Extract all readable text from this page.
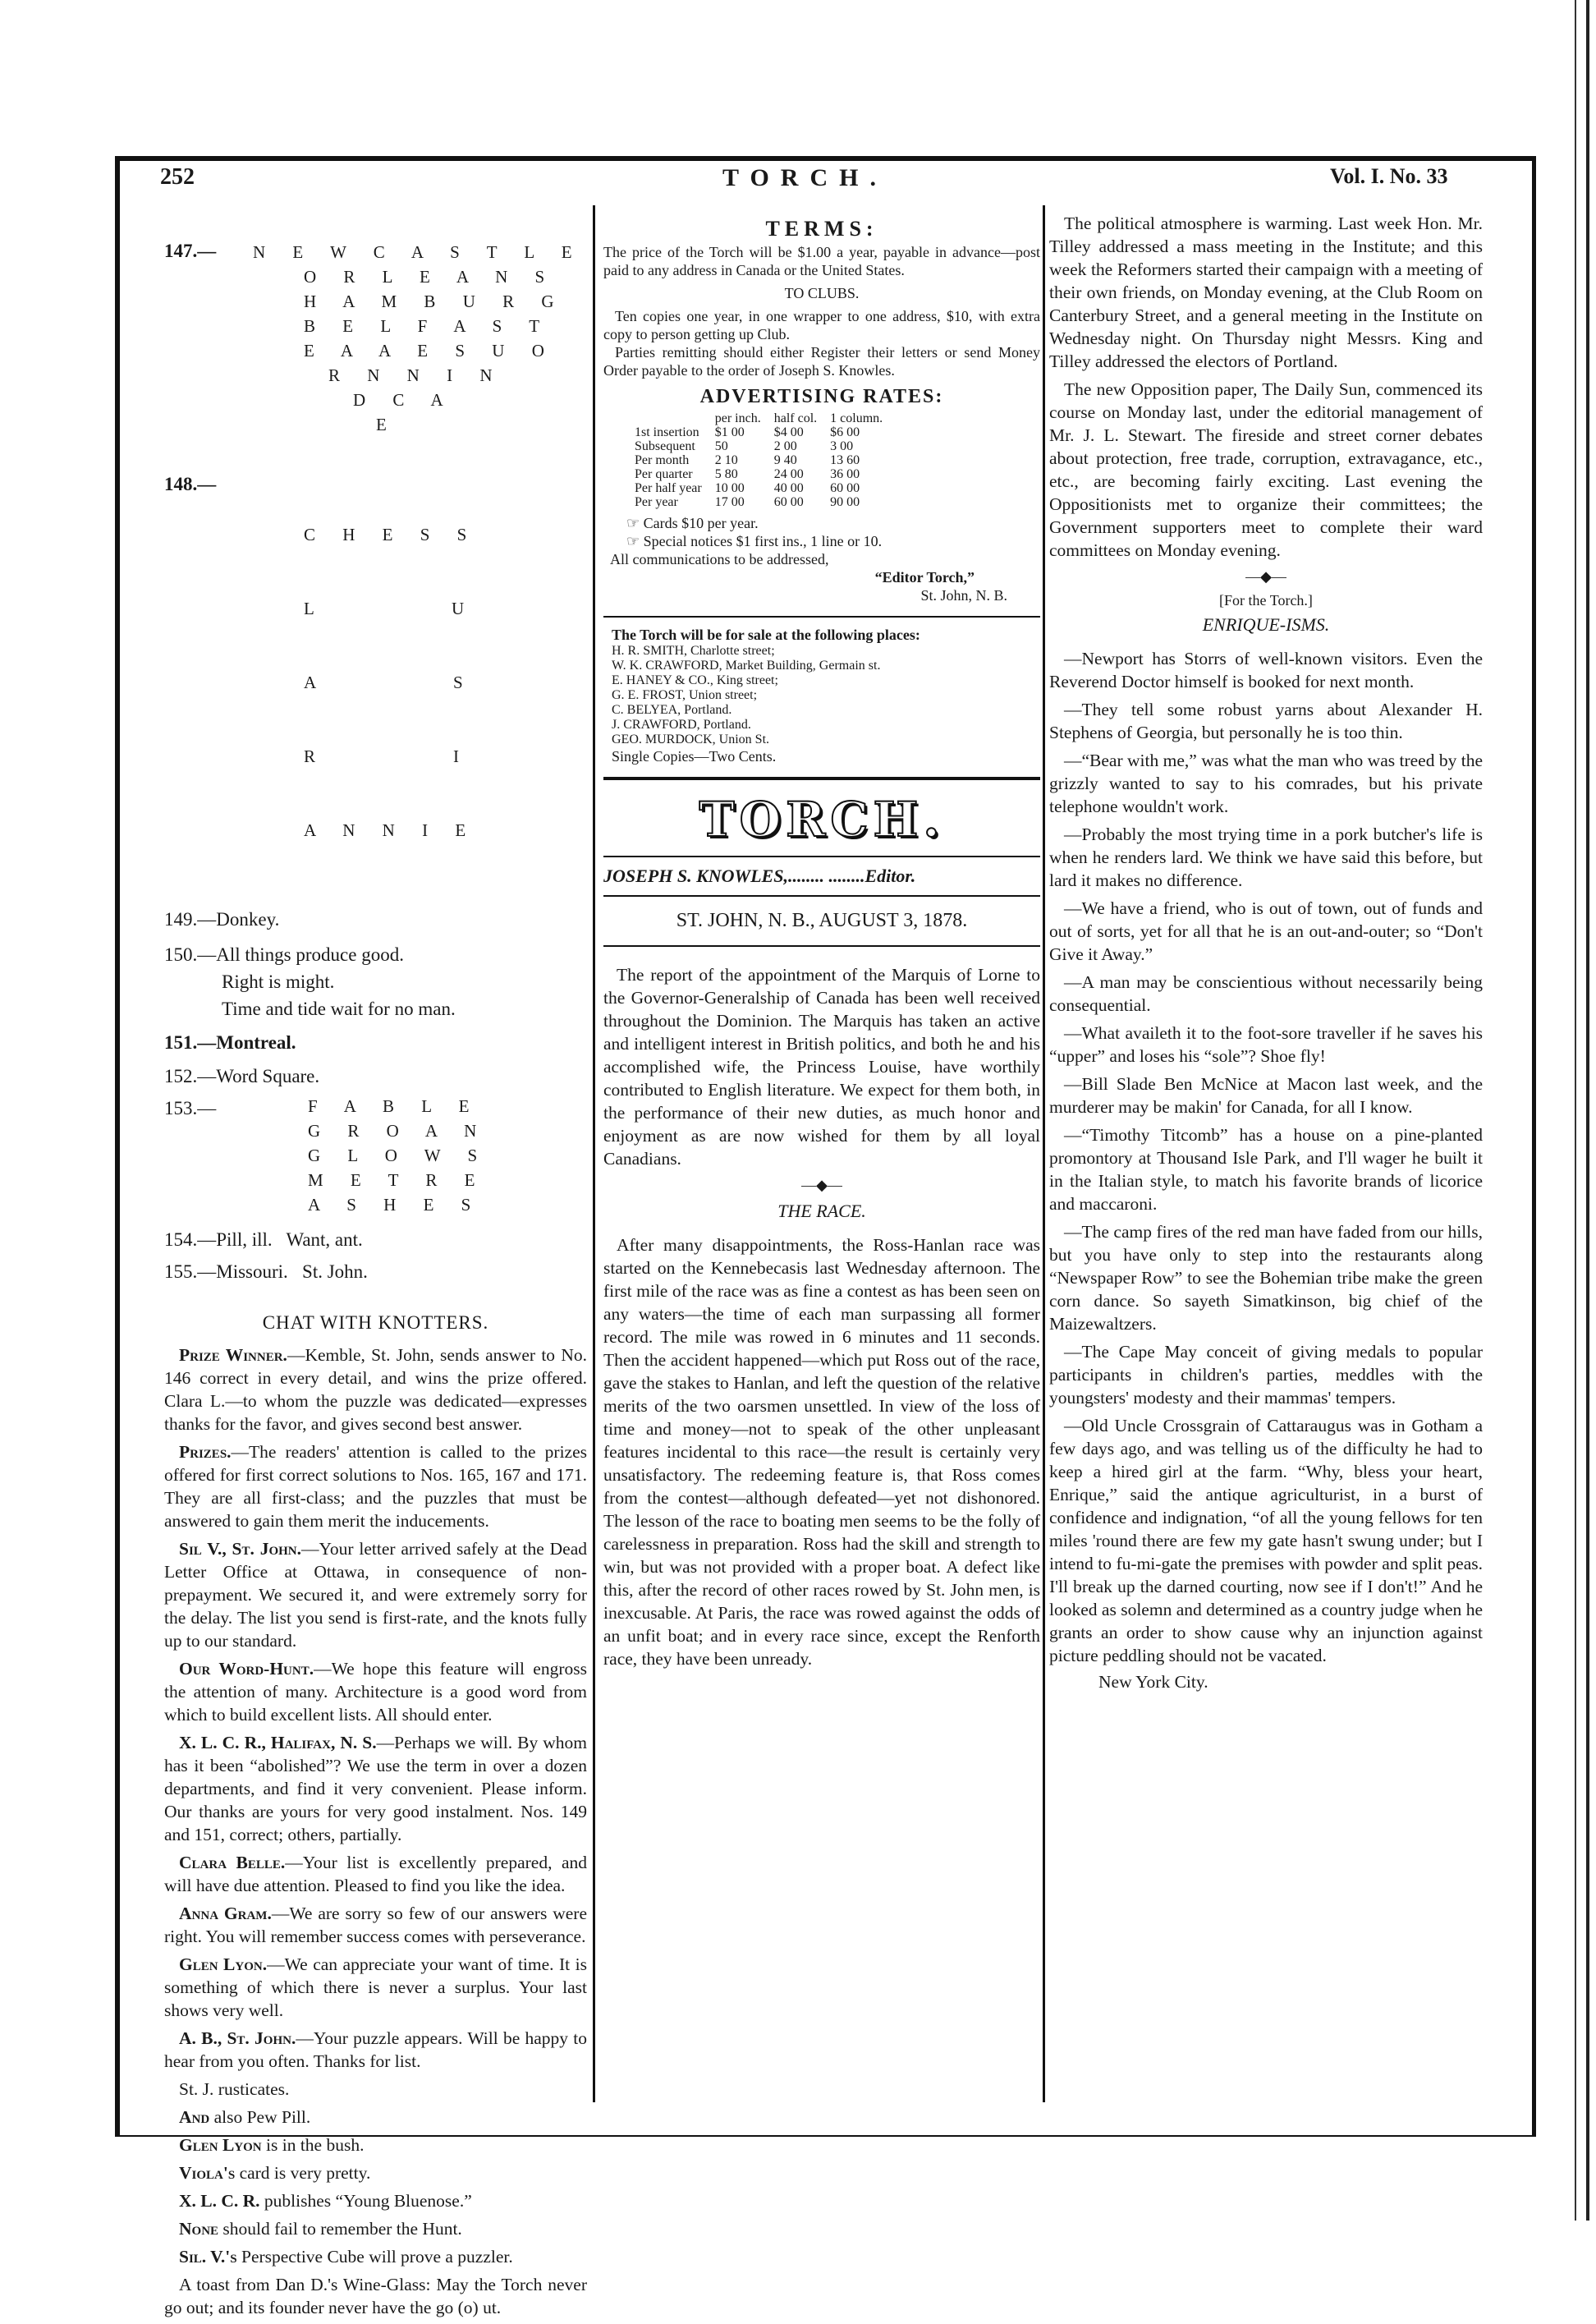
252	TORCH.	Vol. I. No. 33
147.—	N E W C A S T L E
O R L E A N S
H A M B U R G
B E L F A S T
E A A E S U O
R N N I N
D C A
E
148.—

C H E S S

L        U

A        S

R        I

A N N I E

149.—Donkey.
150.—All things produce good.
Right is might.
Time and tide wait for no man.
151.—Montreal.
152.—Word Square.
153.—	F A B L E
G R O A N
G L O W S
M E T R E
A S H E S
154.—Pill, ill.   Want, ant.
155.—Missouri.   St. John.
CHAT WITH KNOTTERS.

Prize Winner.—Kemble, St. John, sends answer to No. 146 correct in every detail, and wins the prize offered. Clara L.—to whom the puzzle was dedicated—expresses thanks for the favor, and gives second best answer.

Prizes.—The readers' attention is called to the prizes offered for first correct solutions to Nos. 165, 167 and 171. They are all first-class; and the puzzles that must be answered to gain them merit the inducements.

Sil V., St. John.—Your letter arrived safely at the Dead Letter Office at Ottawa, in consequence of non-prepayment. We secured it, and were extremely sorry for the delay. The list you send is first-rate, and the knots fully up to our standard.

Our Word-Hunt.—We hope this feature will engross the attention of many. Architecture is a good word from which to build excellent lists. All should enter.

X. L. C. R., Halifax, N. S.—Perhaps we will. By whom has it been “abolished”? We use the term in over a dozen departments, and find it very convenient. Please inform. Our thanks are yours for very good instalment. Nos. 149 and 151, correct; others, partially.

Clara Belle.—Your list is excellently prepared, and will have due attention. Pleased to find you like the idea.

Anna Gram.—We are sorry so few of our answers were right. You will remember success comes with perseverance.

Glen Lyon.—We can appreciate your want of time. It is something of which there is never a surplus. Your last shows very well.

A. B., St. John.—Your puzzle appears. Will be happy to hear from you often. Thanks for list.

St. J. rusticates.

And also Pew Pill.

Glen Lyon is in the bush.

Viola's card is very pretty.

X. L. C. R. publishes “Young Bluenose.”

None should fail to remember the Hunt.

Sil. V.'s Perspective Cube will prove a puzzler.

A toast from Dan D.'s Wine-Glass: May the Torch never go out; and its founder never have the go (o) ut.

TERMS:

The price of the Torch will be $1.00 a year, payable in advance—post paid to any address in Canada or the United States.

TO CLUBS.

Ten copies one year, in one wrapper to one address, $10, with extra copy to person getting up Club.

Parties remitting should either Register their letters or send Money Order payable to the order of Joseph S. Knowles.

ADVERTISING RATES:
	per inch.	half col.	1 column.
1st insertion	$1 00	$4 00	$6 00
Subsequent	50	2 00	3 00
Per month	2 10	9 40	13 60
Per quarter	5 80	24 00	36 00
Per half year	10 00	40 00	60 00
Per year	17 00	60 00	90 00
☞ Cards $10 per year.
☞ Special notices $1 first ins., 1 line or 10.
All communications to be addressed,
“Editor Torch,”
St. John, N. B.
The Torch will be for sale at the following places:
H. R. SMITH, Charlotte street;
W. K. CRAWFORD, Market Building, Germain st.
E. HANEY & CO., King street;
G. E. FROST, Union street;
C. BELYEA, Portland.
J. CRAWFORD, Portland.
GEO. MURDOCK, Union St.
Single Copies—Two Cents.
TORCH.
JOSEPH S. KNOWLES,........ ........Editor.
ST. JOHN, N. B., AUGUST 3, 1878.

The report of the appointment of the Marquis of Lorne to the Governor-Generalship of Canada has been well received throughout the Dominion. The Marquis has taken an active and intelligent interest in British politics, and both he and his accomplished wife, the Princess Louise, have worthily contributed to English literature. We expect for them both, in the performance of their new duties, as much honor and enjoyment as are now wished for them by all loyal Canadians.

—◆—
THE RACE.

After many disappointments, the Ross-Hanlan race was started on the Kennebecasis last Wednesday afternoon. The first mile of the race was as fine a contest as has been seen on any waters—the time of each man surpassing all former record. The mile was rowed in 6 minutes and 11 seconds. Then the accident happened—which put Ross out of the race, gave the stakes to Hanlan, and left the question of the relative merits of the two oarsmen unsettled. In view of the loss of time and money—not to speak of the other unpleasant features incidental to this race—the result is certainly very unsatisfactory. The redeeming feature is, that Ross comes from the contest—although defeated—yet not dishonored. The lesson of the race to boating men seems to be the folly of carelessness in preparation. Ross had the skill and strength to win, but was not provided with a proper boat. A defect like this, after the record of other races rowed by St. John men, is inexcusable. At Paris, the race was rowed against the odds of an unfit boat; and in every race since, except the Renforth race, they have been unready.

The political atmosphere is warming. Last week Hon. Mr. Tilley addressed a mass meeting in the Institute; and this week the Reformers started their campaign with a meeting of their own friends, on Monday evening, at the Club Room on Canterbury Street, and a general meeting in the Institute on Wednesday night. On Thursday night Messrs. King and Tilley addressed the electors of Portland.

The new Opposition paper, The Daily Sun, commenced its course on Monday last, under the editorial management of Mr. J. L. Stewart. The fireside and street corner debates about protection, free trade, corruption, extravagance, etc., etc., are becoming fairly exciting. Last evening the Oppositionists met to organize their committees; the Government supporters meet to complete their ward committees on Monday evening.

—◆—
[For the Torch.]
ENRIQUE-ISMS.

—Newport has Storrs of well-known visitors. Even the Reverend Doctor himself is booked for next month.

—They tell some robust yarns about Alexander H. Stephens of Georgia, but personally he is too thin.

—“Bear with me,” was what the man who was treed by the grizzly wanted to say to his comrades, but his private telephone wouldn't work.

—Probably the most trying time in a pork butcher's life is when he renders lard. We think we have said this before, but lard it makes no difference.

—We have a friend, who is out of town, out of funds and out of sorts, yet for all that he is an out-and-outer; so “Don't Give it Away.”

—A man may be conscientious without necessarily being consequential.

—What availeth it to the foot-sore traveller if he saves his “upper” and loses his “sole”? Shoe fly!

—Bill Slade Ben McNice at Macon last week, and the murderer may be makin' for Canada, for all I know.

—“Timothy Titcomb” has a house on a pine-planted promontory at Thousand Isle Park, and I'll wager he built it in the Italian style, to match his favorite brands of licorice and maccaroni.

—The camp fires of the red man have faded from our hills, but you have only to step into the restaurants along “Newspaper Row” to see the Bohemian tribe make the green corn dance. So sayeth Simatkinson, big chief of the Maizewaltzers.

—The Cape May conceit of giving medals to popular participants in children's parties, meddles with the youngsters' modesty and their mammas' tempers.

—Old Uncle Crossgrain of Cattaraugus was in Gotham a few days ago, and was telling us of the difficulty he had to keep a hired girl at the farm. “Why, bless your heart, Enrique,” said the antique agriculturist, in a burst of confidence and indignation, “of all the young fellows for ten miles 'round there are few my gate hasn't swung under; but I intend to fu-mi-gate the premises with powder and split peas. I'll break up the darned courting, now see if I don't!” And he looked as solemn and determined as a country judge when he grants an order to show cause why an injunction against picture peddling should not be vacated.

New York City.
